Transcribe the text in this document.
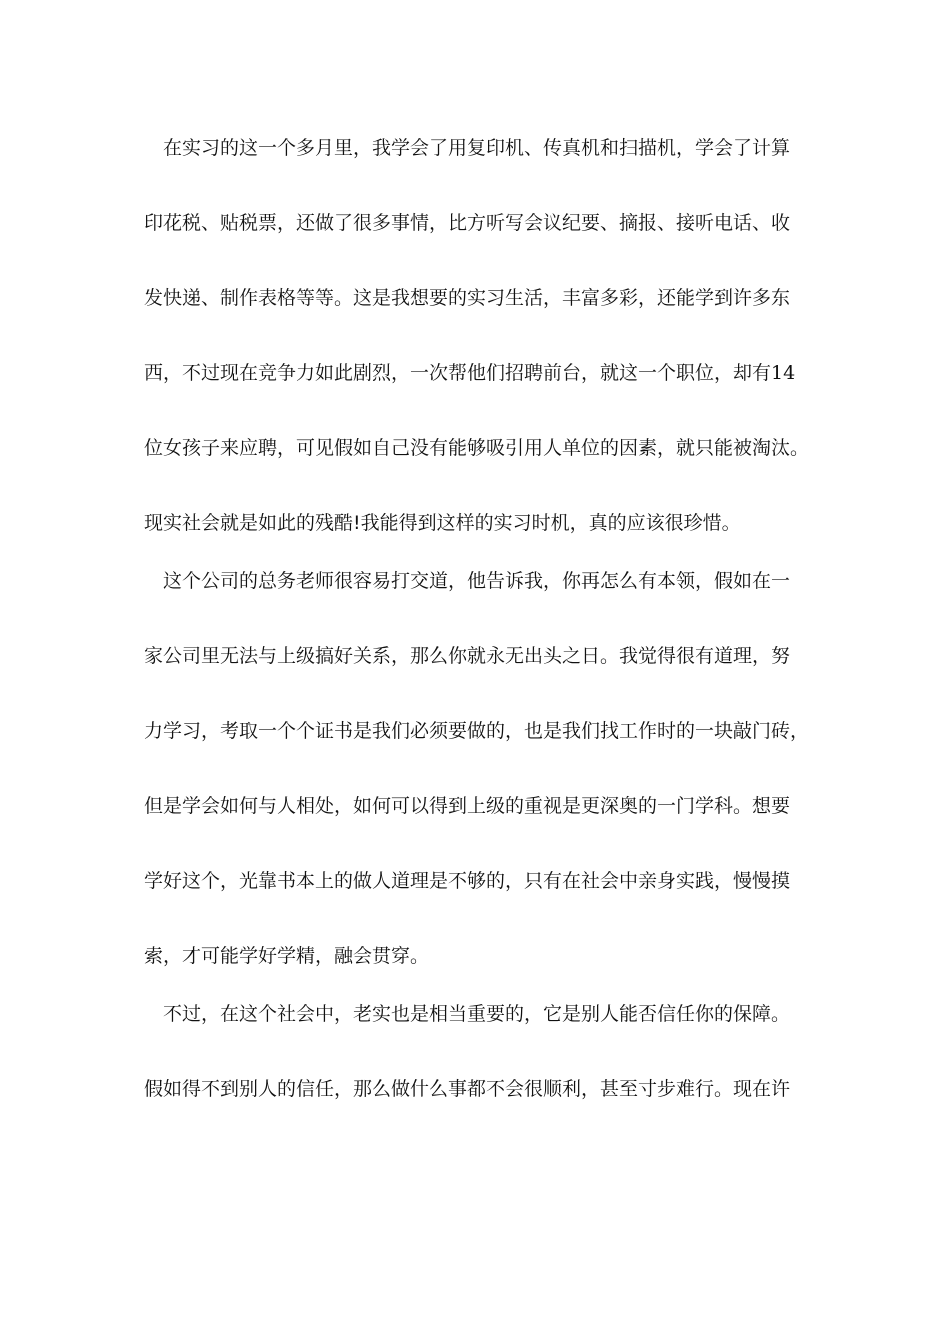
在实习的这一个多月里，我学会了用复印机、传真机和扫描机，学会了计算
印花税、贴税票，还做了很多事情，比方听写会议纪要、摘报、接听电话、收
发快递、制作表格等等。这是我想要的实习生活，丰富多彩，还能学到许多东
西，不过现在竞争力如此剧烈，一次帮他们招聘前台，就这一个职位，却有14
位女孩子来应聘，可见假如自己没有能够吸引用人单位的因素，就只能被淘汰。
现实社会就是如此的残酷!我能得到这样的实习时机，真的应该很珍惜。
这个公司的总务老师很容易打交道，他告诉我，你再怎么有本领，假如在一
家公司里无法与上级搞好关系，那么你就永无出头之日。我觉得很有道理，努
力学习，考取一个个证书是我们必须要做的，也是我们找工作时的一块敲门砖，
但是学会如何与人相处，如何可以得到上级的重视是更深奥的一门学科。想要
学好这个，光靠书本上的做人道理是不够的，只有在社会中亲身实践，慢慢摸
索，才可能学好学精，融会贯穿。
不过，在这个社会中，老实也是相当重要的，它是别人能否信任你的保障。
假如得不到别人的信任，那么做什么事都不会很顺利，甚至寸步难行。现在许
